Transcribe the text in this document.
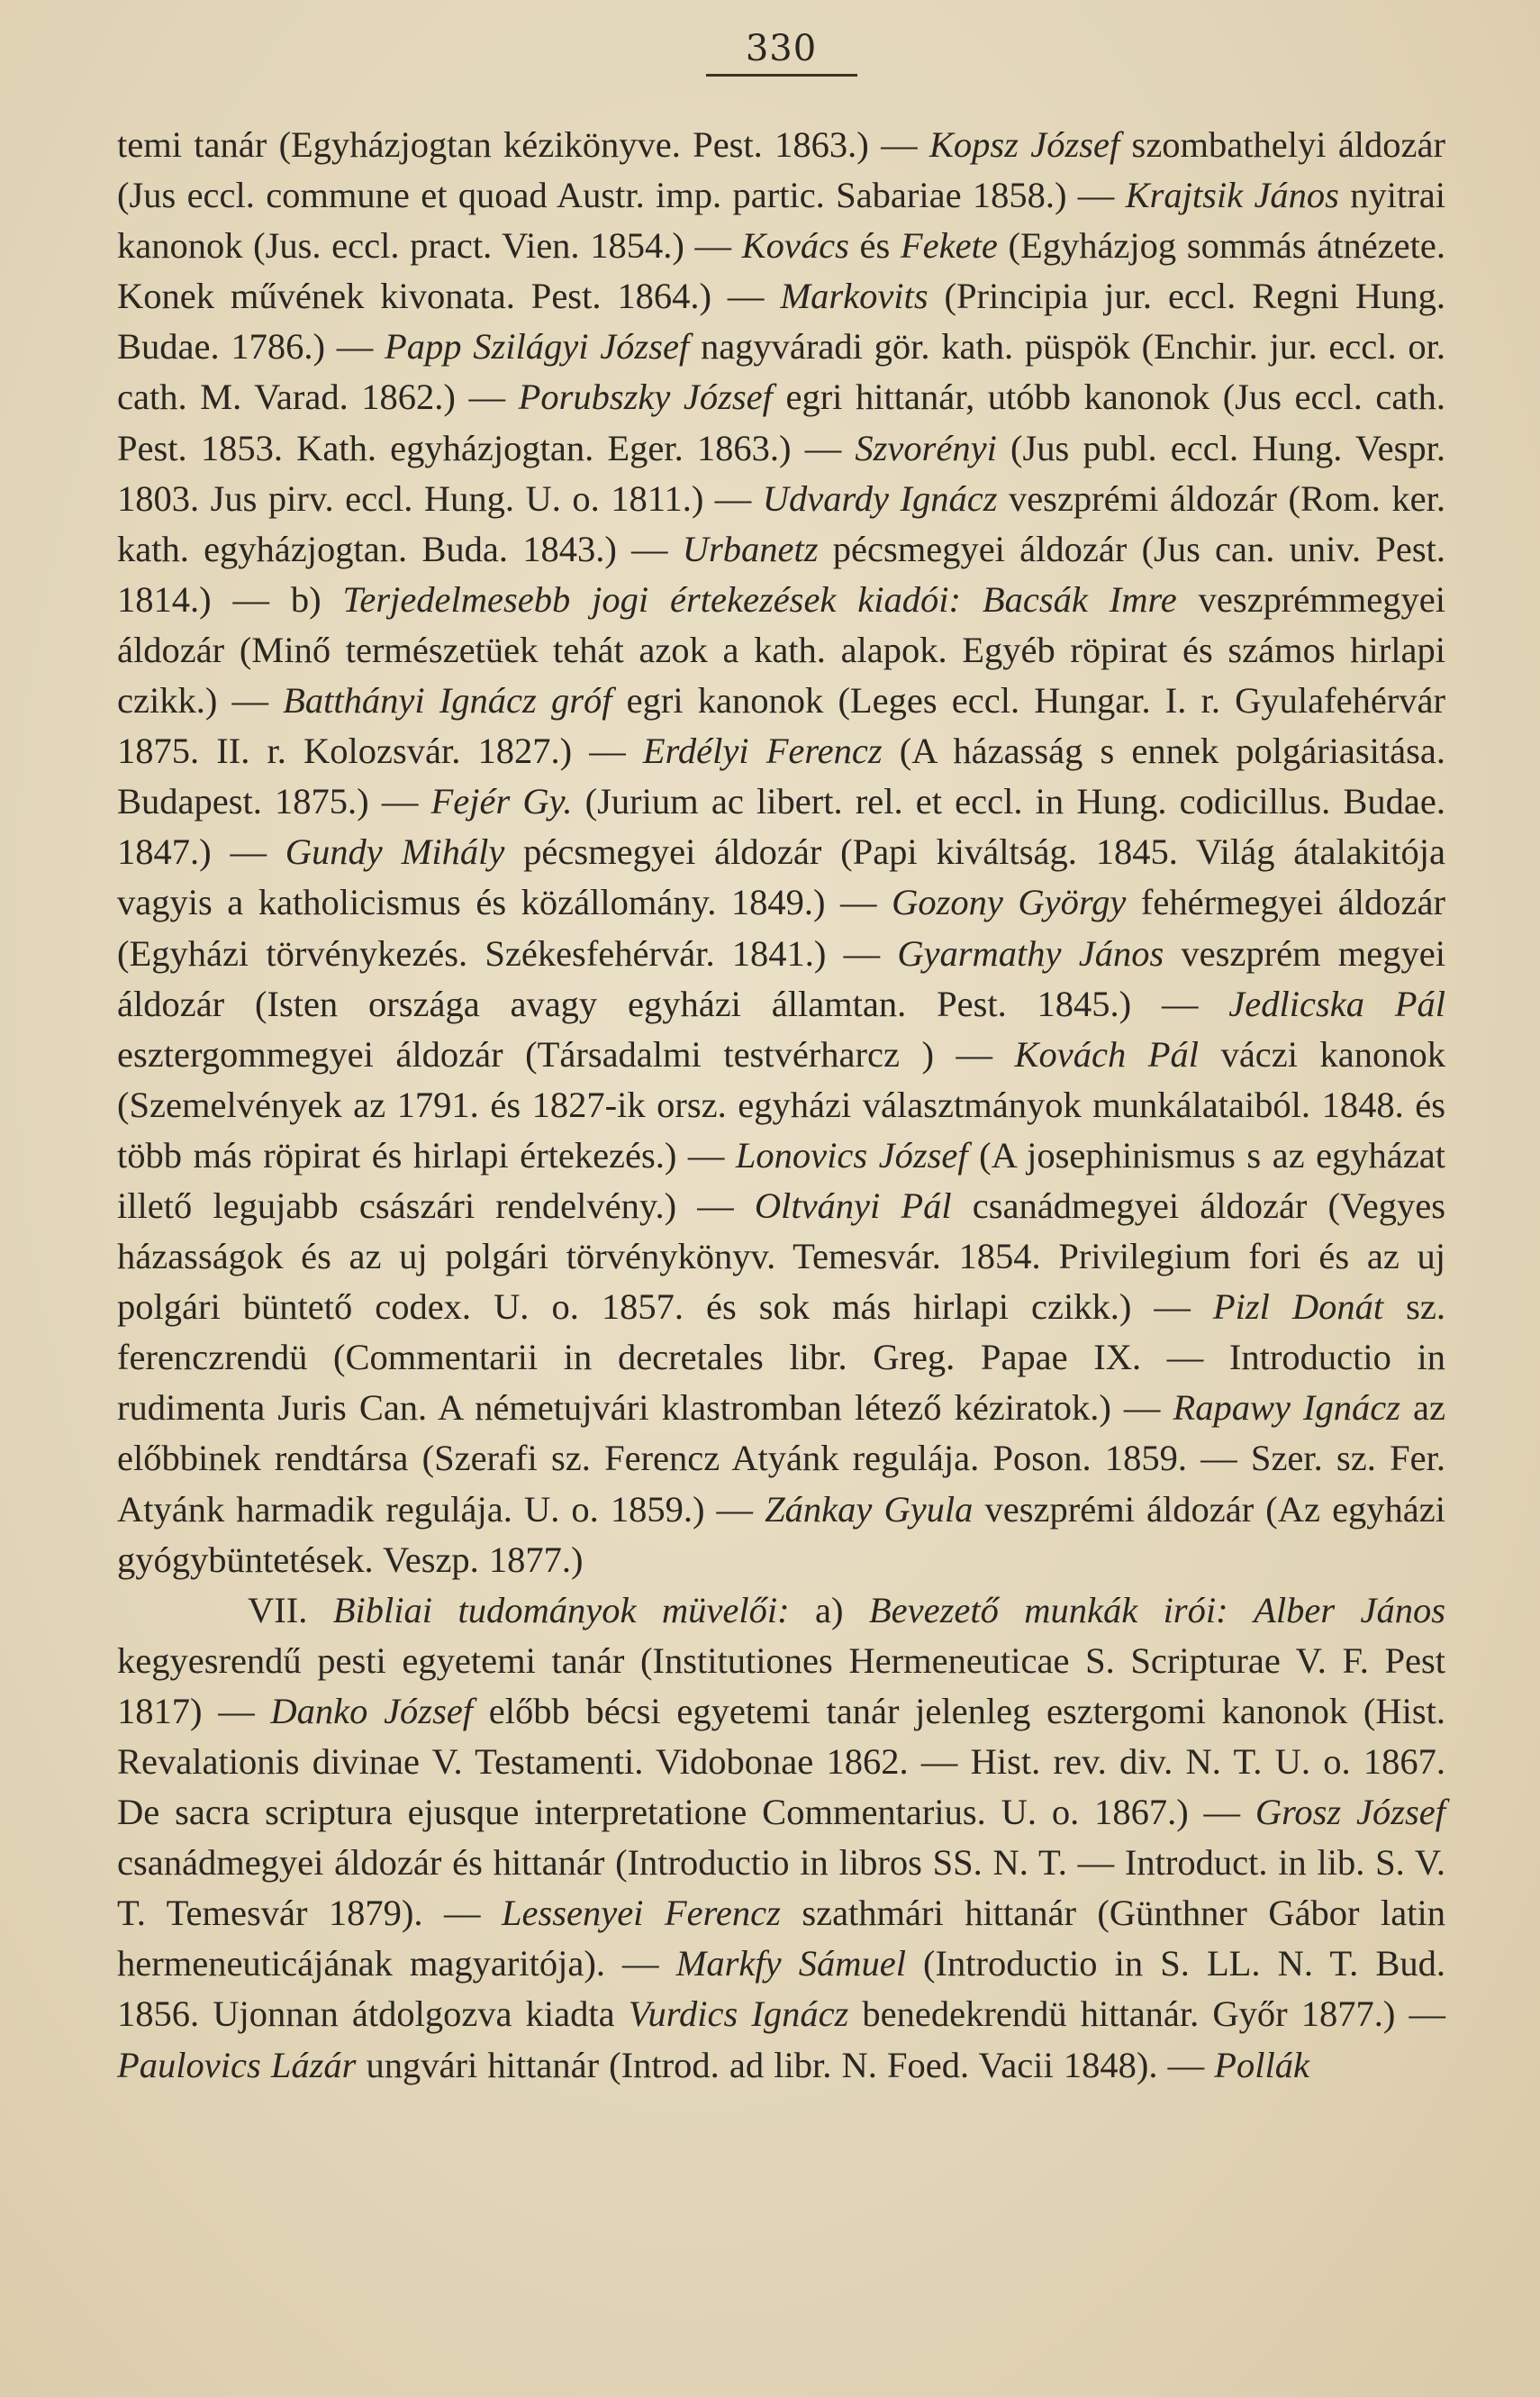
330

temi tanár (Egyházjogtan kézikönyve. Pest. 1863.) — Kopsz József szombathelyi áldozár (Jus eccl. commune et quoad Austr. imp. partic. Sabariae 1858.) — Krajtsik János nyitrai kanonok (Jus. eccl. pract. Vien. 1854.) — Kovács és Fekete (Egyházjog sommás átnézete. Konek művének kivonata. Pest. 1864.) — Markovits (Principia jur. eccl. Regni Hung. Budae. 1786.) — Papp Szilágyi József nagyváradi gör. kath. püspök (Enchir. jur. eccl. or. cath. M. Varad. 1862.) — Porubszky József egri hittanár, utóbb kanonok (Jus eccl. cath. Pest. 1853. Kath. egyházjogtan. Eger. 1863.) — Szvorényi (Jus publ. eccl. Hung. Vespr. 1803. Jus pirv. eccl. Hung. U. o. 1811.) — Udvardy Ignácz veszprémi áldozár (Rom. ker. kath. egyházjogtan. Buda. 1843.) — Urbanetz pécsmegyei áldozár (Jus can. univ. Pest. 1814.) — b) Terjedelmesebb jogi értekezések kiadói: Bacsák Imre veszprémmegyei áldozár (Minő természetüek tehát azok a kath. alapok. Egyéb röpirat és számos hirlapi czikk.) — Batthányi Ignácz gróf egri kanonok (Leges eccl. Hungar. I. r. Gyulafehérvár 1875. II. r. Kolozsvár. 1827.) — Erdélyi Ferencz (A házasság s ennek polgáriasitása. Budapest. 1875.) — Fejér Gy. (Jurium ac libert. rel. et eccl. in Hung. codicillus. Budae. 1847.) — Gundy Mihály pécsmegyei áldozár (Papi kiváltság. 1845. Világ átalakitója vagyis a katholicismus és közállomány. 1849.) — Gozony György fehérmegyei áldozár (Egyházi törvénykezés. Székesfehérvár. 1841.) — Gyarmathy János veszprém megyei áldozár (Isten országa avagy egyházi államtan. Pest. 1845.) — Jedlicska Pál esztergommegyei áldozár (Társadalmi testvérharcz ) — Kovách Pál váczi kanonok (Szemelvények az 1791. és 1827-ik orsz. egyházi választmányok munkálataiból. 1848. és több más röpirat és hirlapi értekezés.) — Lonovics József (A josephinismus s az egyházat illető legujabb császári rendelvény.) — Oltványi Pál csanádmegyei áldozár (Vegyes házasságok és az uj polgári törvénykönyv. Temesvár. 1854. Privilegium fori és az uj polgári büntető codex. U. o. 1857. és sok más hirlapi czikk.) — Pizl Donát sz. ferenczrendü (Commentarii in decretales libr. Greg. Papae IX. — Introductio in rudimenta Juris Can. A németujvári klastromban létező kéziratok.) — Rapawy Ignácz az előbbinek rendtársa (Szerafi sz. Ferencz Atyánk regulája. Poson. 1859. — Szer. sz. Fer. Atyánk harmadik regulája. U. o. 1859.) — Zánkay Gyula veszprémi áldozár (Az egyházi gyógybüntetések. Veszp. 1877.)
VII. Bibliai tudományok müvelői: a) Bevezető munkák irói: Alber János kegyesrendű pesti egyetemi tanár (Institutiones Hermeneuticae S. Scripturae V. F. Pest 1817) — Danko József előbb bécsi egyetemi tanár jelenleg esztergomi kanonok (Hist. Revalationis divinae V. Testamenti. Vidobonae 1862. — Hist. rev. div. N. T. U. o. 1867. De sacra scriptura ejusque interpretatione Commentarius. U. o. 1867.) — Grosz József csanádmegyei áldozár és hittanár (Introductio in libros SS. N. T. — Introduct. in lib. S. V. T. Temesvár 1879). — Lessenyei Ferencz szathmári hittanár (Günthner Gábor latin hermeneuticájának magyaritója). — Markfy Sámuel (Introductio in S. LL. N. T. Bud. 1856. Ujonnan átdolgozva kiadta Vurdics Ignácz benedekrendü hittanár. Győr 1877.) — Paulovics Lázár ungvári hittanár (Introd. ad libr. N. Foed. Vacii 1848). — Pollák
